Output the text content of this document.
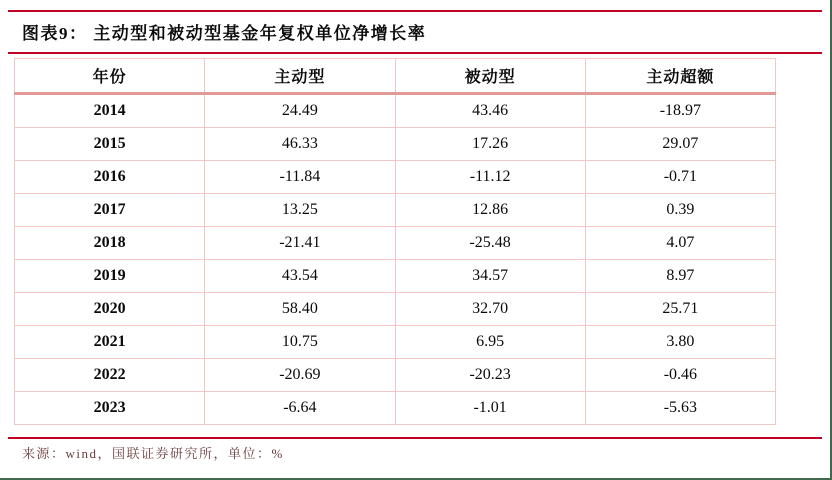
图表9： 主动型和被动型基金年复权单位净增长率
年份	主动型	被动型	主动超额
2014	24.49	43.46	-18.97
2015	46.33	17.26	29.07
2016	-11.84	-11.12	-0.71
2017	13.25	12.86	0.39
2018	-21.41	-25.48	4.07
2019	43.54	34.57	8.97
2020	58.40	32.70	25.71
2021	10.75	6.95	3.80
2022	-20.69	-20.23	-0.46
2023	-6.64	-1.01	-5.63
来源：wind，国联证券研究所，单位：%
